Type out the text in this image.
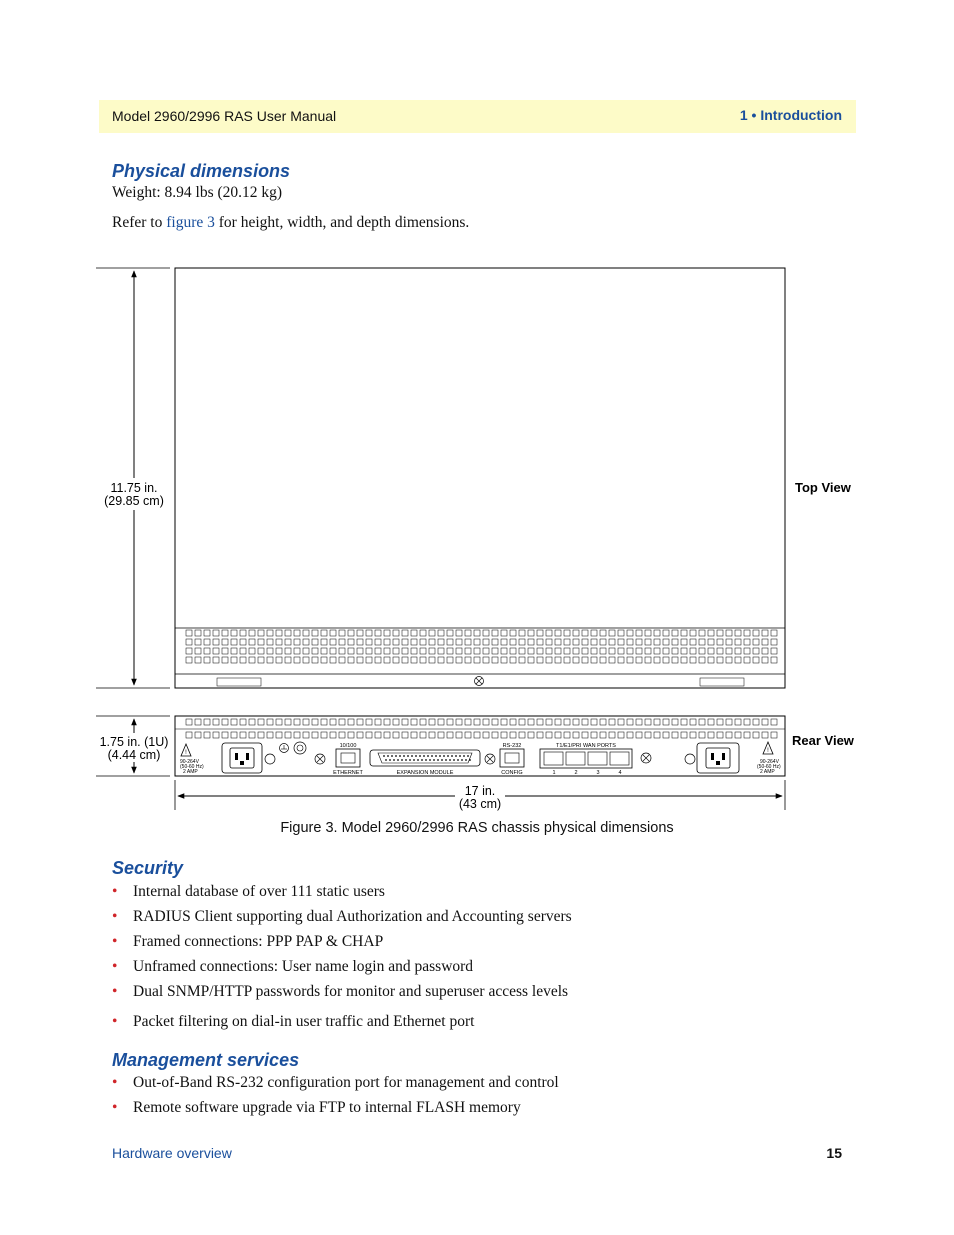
Model 2960/2996 RAS User Manual	1 • Introduction
Physical dimensions
Weight: 8.94 lbs (20.12 kg)
Refer to figure 3 for height, width, and depth dimensions.
11.75 in.
(29.85 cm)
Top View
!
90-264V
(50-60 Hz)
2 AMP
10/100
ETHERNET	EXPANSION MODULE
RS-232
CONFIG
T1/E1/PRI WAN PORTS
1	2	3	4
!
90-264V
(50-60 Hz)
2 AMP
1.75 in. (1U)
(4.44 cm)
Rear View
17 in.
(43 cm)
Figure 3. Model 2960/2996 RAS chassis physical dimensions
Security
• Internal database of over 111 static users
• RADIUS Client supporting dual Authorization and Accounting servers
• Framed connections: PPP PAP & CHAP
• Unframed connections: User name login and password
• Dual SNMP/HTTP passwords for monitor and superuser access levels
• Packet filtering on dial-in user traffic and Ethernet port
Management services
• Out-of-Band RS-232 configuration port for management and control
• Remote software upgrade via FTP to internal FLASH memory
Hardware overview	15
